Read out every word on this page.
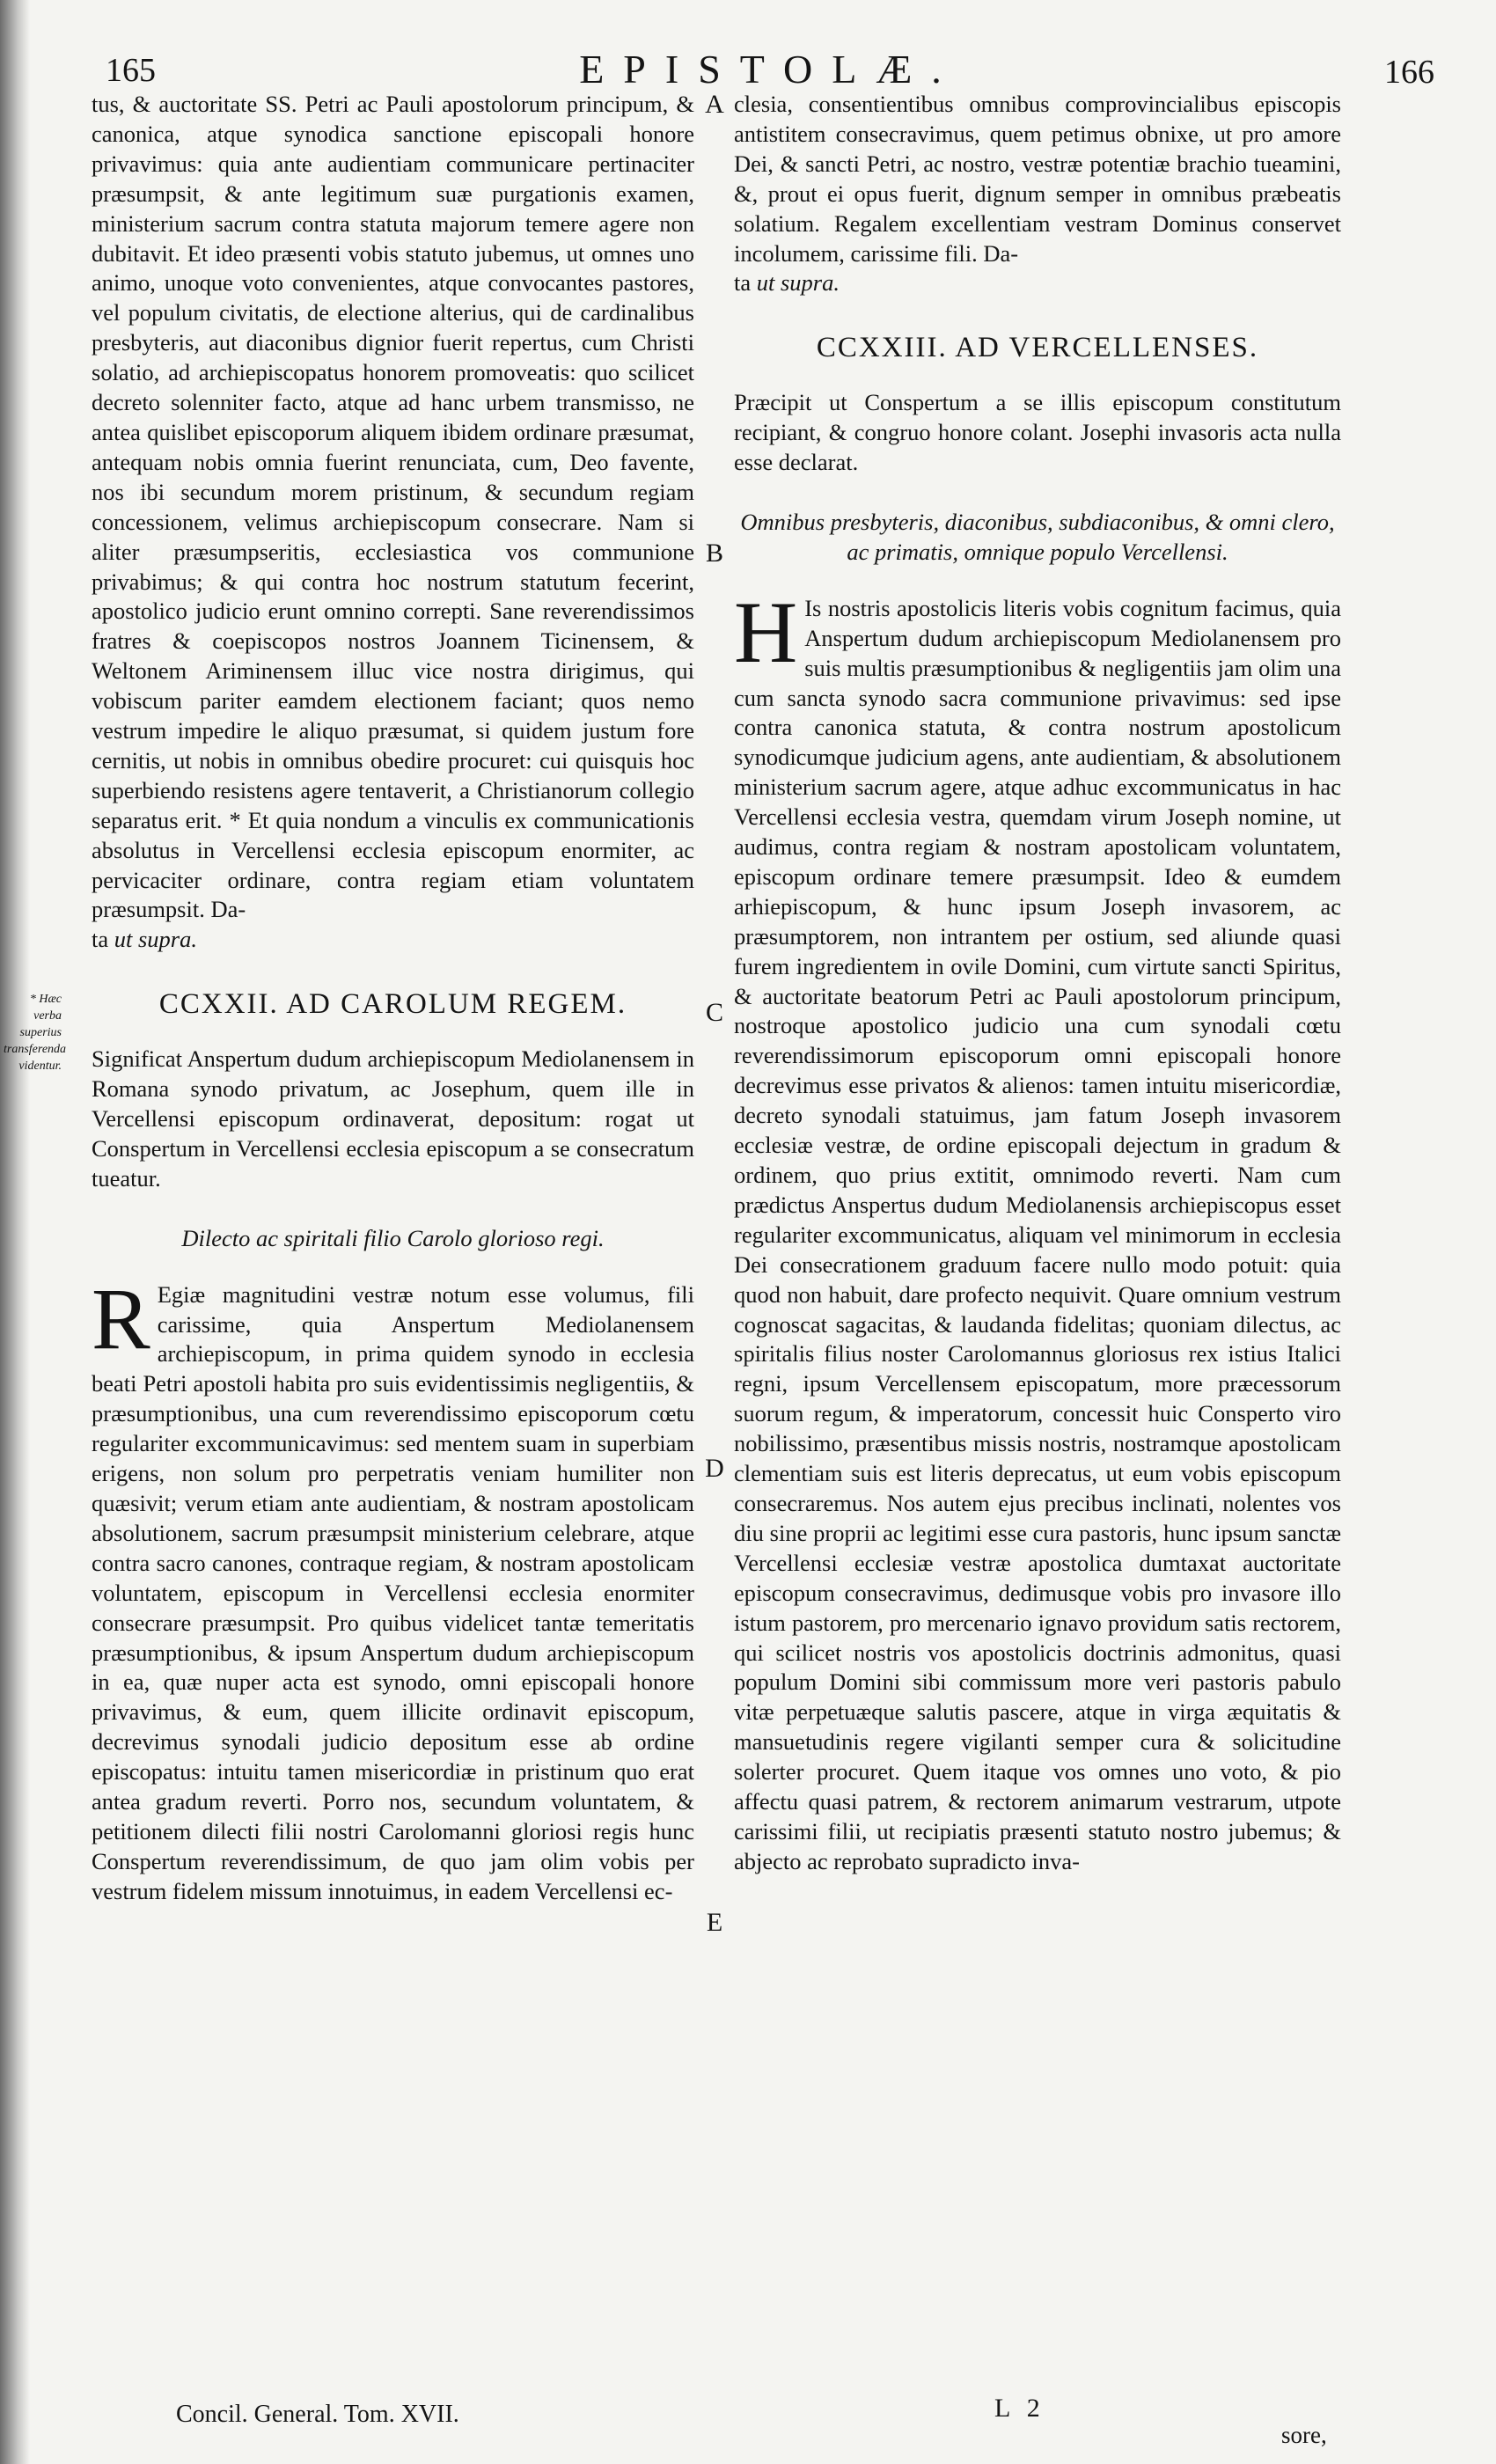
165	EPISTOLÆ.	166
* Hæc verba superius transferenda videntur.
A
B
C
D
E

tus, & auctoritate SS. Petri ac Pauli apostolorum principum, & canonica, atque synodica sanctione episcopali honore privavimus: quia ante audientiam communicare pertinaciter præsumpsit, & ante legitimum suæ purgationis examen, ministerium sacrum contra statuta majorum temere agere non dubitavit. Et ideo præsenti vobis statuto jubemus, ut omnes uno animo, unoque voto convenientes, atque convocantes pastores, vel populum civitatis, de electione alterius, qui de cardinalibus presbyteris, aut diaconibus dignior fuerit repertus, cum Christi solatio, ad archiepiscopatus honorem promoveatis: quo scilicet decreto solenniter facto, atque ad hanc urbem transmisso, ne antea quislibet episcoporum aliquem ibidem ordinare præsumat, antequam nobis omnia fuerint renunciata, cum, Deo favente, nos ibi secundum morem pristinum, & secundum regiam concessionem, velimus archiepiscopum consecrare. Nam si aliter præsumpseritis, ecclesiastica vos communione privabimus; & qui contra hoc nostrum statutum fecerint, apostolico judicio erunt omnino correpti. Sane reverendissimos fratres & coepiscopos nostros Joannem Ticinensem, & Weltonem Ariminensem illuc vice nostra dirigimus, qui vobiscum pariter eamdem electionem faciant; quos nemo vestrum impedire le aliquo præsumat, si quidem justum fore cernitis, ut nobis in omnibus obedire procuret: cui quisquis hoc superbiendo resistens agere tentaverit, a Christianorum collegio separatus erit. * Et quia nondum a vinculis ex communicationis absolutus in Vercellensi ecclesia episcopum enormiter, ac pervicaciter ordinare, contra regiam etiam voluntatem præsumpsit. Da-
ta ut supra.

CCXXII. AD CAROLUM REGEM.

Significat Anspertum dudum archiepiscopum Mediolanensem in Romana synodo privatum, ac Josephum, quem ille in Vercellensi episcopum ordinaverat, depositum: rogat ut Conspertum in Vercellensi ecclesia episcopum a se consecratum tueatur.

Dilecto ac spiritali filio Carolo glorioso regi.

R Egiæ magnitudini vestræ notum esse volumus, fili carissime, quia Anspertum Mediolanensem archiepiscopum, in prima quidem synodo in ecclesia beati Petri apostoli habita pro suis evidentissimis negligentiis, & præsumptionibus, una cum reverendissimo episcoporum cœtu regulariter excommunicavimus: sed mentem suam in superbiam erigens, non solum pro perpetratis veniam humiliter non quæsivit; verum etiam ante audientiam, & nostram apostolicam absolutionem, sacrum præsumpsit ministerium celebrare, atque contra sacro canones, contraque regiam, & nostram apostolicam voluntatem, episcopum in Vercellensi ecclesia enormiter consecrare præsumpsit. Pro quibus videlicet tantæ temeritatis præsumptionibus, & ipsum Anspertum dudum archiepiscopum in ea, quæ nuper acta est synodo, omni episcopali honore privavimus, & eum, quem illicite ordinavit episcopum, decrevimus synodali judicio depositum esse ab ordine episcopatus: intuitu tamen misericordiæ in pristinum quo erat antea gradum reverti. Porro nos, secundum voluntatem, & petitionem dilecti filii nostri Carolomanni gloriosi regis hunc Conspertum reverendissimum, de quo jam olim vobis per vestrum fidelem missum innotuimus, in eadem Vercellensi ec-

clesia, consentientibus omnibus comprovincialibus episcopis antistitem consecravimus, quem petimus obnixe, ut pro amore Dei, & sancti Petri, ac nostro, vestræ potentiæ brachio tueamini, &, prout ei opus fuerit, dignum semper in omnibus præbeatis solatium. Regalem excellentiam vestram Dominus conservet incolumem, carissime fili. Da-
ta ut supra.

CCXXIII. AD VERCELLENSES.

Præcipit ut Conspertum a se illis episcopum constitutum recipiant, & congruo honore colant. Josephi invasoris acta nulla esse declarat.

Omnibus presbyteris, diaconibus, subdiaconibus, & omni clero, ac primatis, omnique populo Vercellensi.

H Is nostris apostolicis literis vobis cognitum facimus, quia Anspertum dudum archiepiscopum Mediolanensem pro suis multis præsumptionibus & negligentiis jam olim una cum sancta synodo sacra communione privavimus: sed ipse contra canonica statuta, & contra nostrum apostolicum synodicumque judicium agens, ante audientiam, & absolutionem ministerium sacrum agere, atque adhuc excommunicatus in hac Vercellensi ecclesia vestra, quemdam virum Joseph nomine, ut audimus, contra regiam & nostram apostolicam voluntatem, episcopum ordinare temere præsumpsit. Ideo & eumdem arhiepiscopum, & hunc ipsum Joseph invasorem, ac præsumptorem, non intrantem per ostium, sed aliunde quasi furem ingredientem in ovile Domini, cum virtute sancti Spiritus, & auctoritate beatorum Petri ac Pauli apostolorum principum, nostroque apostolico judicio una cum synodali cœtu reverendissimorum episcoporum omni episcopali honore decrevimus esse privatos & alienos: tamen intuitu misericordiæ, decreto synodali statuimus, jam fatum Joseph invasorem ecclesiæ vestræ, de ordine episcopali dejectum in gradum & ordinem, quo prius extitit, omnimodo reverti. Nam cum prædictus Anspertus dudum Mediolanensis archiepiscopus esset regulariter excommunicatus, aliquam vel minimorum in ecclesia Dei consecrationem graduum facere nullo modo potuit: quia quod non habuit, dare profecto nequivit. Quare omnium vestrum cognoscat sagacitas, & laudanda fidelitas; quoniam dilectus, ac spiritalis filius noster Carolomannus gloriosus rex istius Italici regni, ipsum Vercellensem episcopatum, more præcessorum suorum regum, & imperatorum, concessit huic Consperto viro nobilissimo, præsentibus missis nostris, nostramque apostolicam clementiam suis est literis deprecatus, ut eum vobis episcopum consecraremus. Nos autem ejus precibus inclinati, nolentes vos diu sine proprii ac legitimi esse cura pastoris, hunc ipsum sanctæ Vercellensi ecclesiæ vestræ apostolica dumtaxat auctoritate episcopum consecravimus, dedimusque vobis pro invasore illo istum pastorem, pro mercenario ignavo providum satis rectorem, qui scilicet nostris vos apostolicis doctrinis admonitus, quasi populum Domini sibi commissum more veri pastoris pabulo vitæ perpetuæque salutis pascere, atque in virga æquitatis & mansuetudinis regere vigilanti semper cura & solicitudine solerter procuret. Quem itaque vos omnes uno voto, & pio affectu quasi patrem, & rectorem animarum vestrarum, utpote carissimi filii, ut recipiatis præsenti statuto nostro jubemus; & abjecto ac reprobato supradicto inva-

Concil. General. Tom. XVII.	L 2
sore,
